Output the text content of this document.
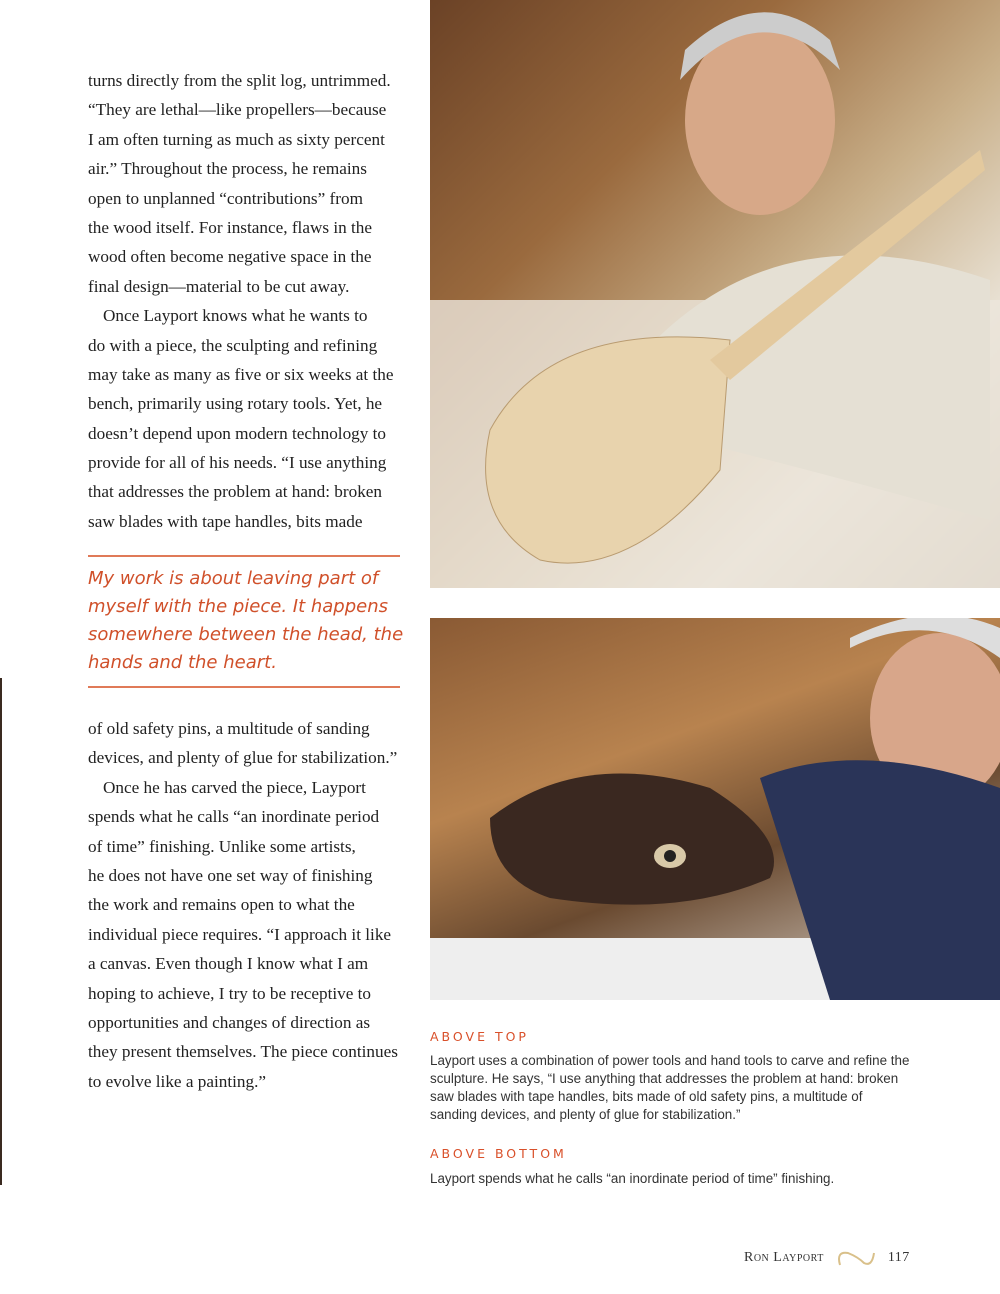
turns directly from the split log, untrimmed.
“They are lethal—like propellers—because
I am often turning as much as sixty percent
air.” Throughout the process, he remains
open to unplanned “contributions” from
the wood itself. For instance, flaws in the
wood often become negative space in the
final design—material to be cut away.
Once Layport knows what he wants to
do with a piece, the sculpting and refining
may take as many as five or six weeks at the
bench, primarily using rotary tools. Yet, he
doesn’t depend upon modern technology to
provide for all of his needs. “I use anything
that addresses the problem at hand: broken
saw blades with tape handles, bits made
My work is about leaving part of myself with the piece. It happens somewhere between the head, the hands and the heart.
of old safety pins, a multitude of sanding
devices, and plenty of glue for stabilization.”
Once he has carved the piece, Layport
spends what he calls “an inordinate period
of time” finishing. Unlike some artists,
he does not have one set way of finishing
the work and remains open to what the
individual piece requires. “I approach it like
a canvas. Even though I know what I am
hoping to achieve, I try to be receptive to
opportunities and changes of direction as
they present themselves. The piece continues
to evolve like a painting.”
ABOVE TOP
Layport uses a combination of power tools and hand tools to carve and refine the sculpture. He says, “I use anything that addresses the problem at hand: broken saw blades with tape handles, bits made of old safety pins, a multitude of sanding devices, and plenty of glue for stabilization.”
ABOVE BOTTOM
Layport spends what he calls “an inordinate period of time” finishing.
Ron Layport	117
